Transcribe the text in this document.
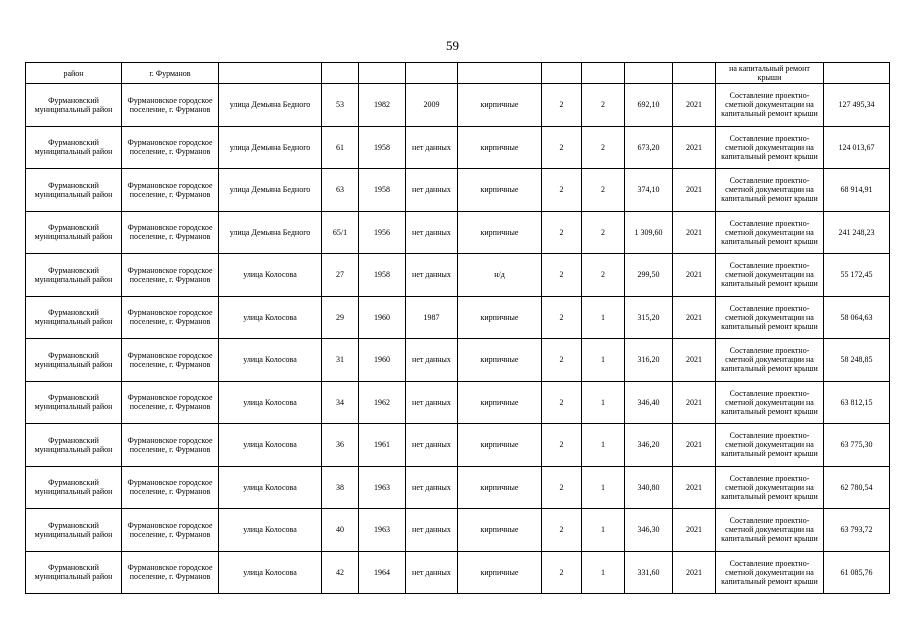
59
район	г. Фурманов										на капитальный ремонт крыши	
Фурмановский муниципальный район	Фурмановское городское поселение, г. Фурманов	улица Демьяна Бедного	53	1982	2009	кирпичные	2	2	692,10	2021	Составление проектно-сметной документации на капитальный ремонт крыши	127 495,34
Фурмановский муниципальный район	Фурмановское городское поселение, г. Фурманов	улица Демьяна Бедного	61	1958	нет данных	кирпичные	2	2	673,20	2021	Составление проектно-сметной документации на капитальный ремонт крыши	124 013,67
Фурмановский муниципальный район	Фурмановское городское поселение, г. Фурманов	улица Демьяна Бедного	63	1958	нет данных	кирпичные	2	2	374,10	2021	Составление проектно-сметной документации на капитальный ремонт крыши	68 914,91
Фурмановский муниципальный район	Фурмановское городское поселение, г. Фурманов	улица Демьяна Бедного	65/1	1956	нет данных	кирпичные	2	2	1 309,60	2021	Составление проектно-сметной документации на капитальный ремонт крыши	241 248,23
Фурмановский муниципальный район	Фурмановское городское поселение, г. Фурманов	улица Колосова	27	1958	нет данных	н/д	2	2	299,50	2021	Составление проектно-сметной документации на капитальный ремонт крыши	55 172,45
Фурмановский муниципальный район	Фурмановское городское поселение, г. Фурманов	улица Колосова	29	1960	1987	кирпичные	2	1	315,20	2021	Составление проектно-сметной документации на капитальный ремонт крыши	58 064,63
Фурмановский муниципальный район	Фурмановское городское поселение, г. Фурманов	улица Колосова	31	1960	нет данных	кирпичные	2	1	316,20	2021	Составление проектно-сметной документации на капитальный ремонт крыши	58 248,85
Фурмановский муниципальный район	Фурмановское городское поселение, г. Фурманов	улица Колосова	34	1962	нет данных	кирпичные	2	1	346,40	2021	Составление проектно-сметной документации на капитальный ремонт крыши	63 812,15
Фурмановский муниципальный район	Фурмановское городское поселение, г. Фурманов	улица Колосова	36	1961	нет данных	кирпичные	2	1	346,20	2021	Составление проектно-сметной документации на капитальный ремонт крыши	63 775,30
Фурмановский муниципальный район	Фурмановское городское поселение, г. Фурманов	улица Колосова	38	1963	нет данных	кирпичные	2	1	340,80	2021	Составление проектно-сметной документации на капитальный ремонт крыши	62 780,54
Фурмановский муниципальный район	Фурмановское городское поселение, г. Фурманов	улица Колосова	40	1963	нет данных	кирпичные	2	1	346,30	2021	Составление проектно-сметной документации на капитальный ремонт крыши	63 793,72
Фурмановский муниципальный район	Фурмановское городское поселение, г. Фурманов	улица Колосова	42	1964	нет данных	кирпичные	2	1	331,60	2021	Составление проектно-сметной документации на капитальный ремонт крыши	61 085,76
